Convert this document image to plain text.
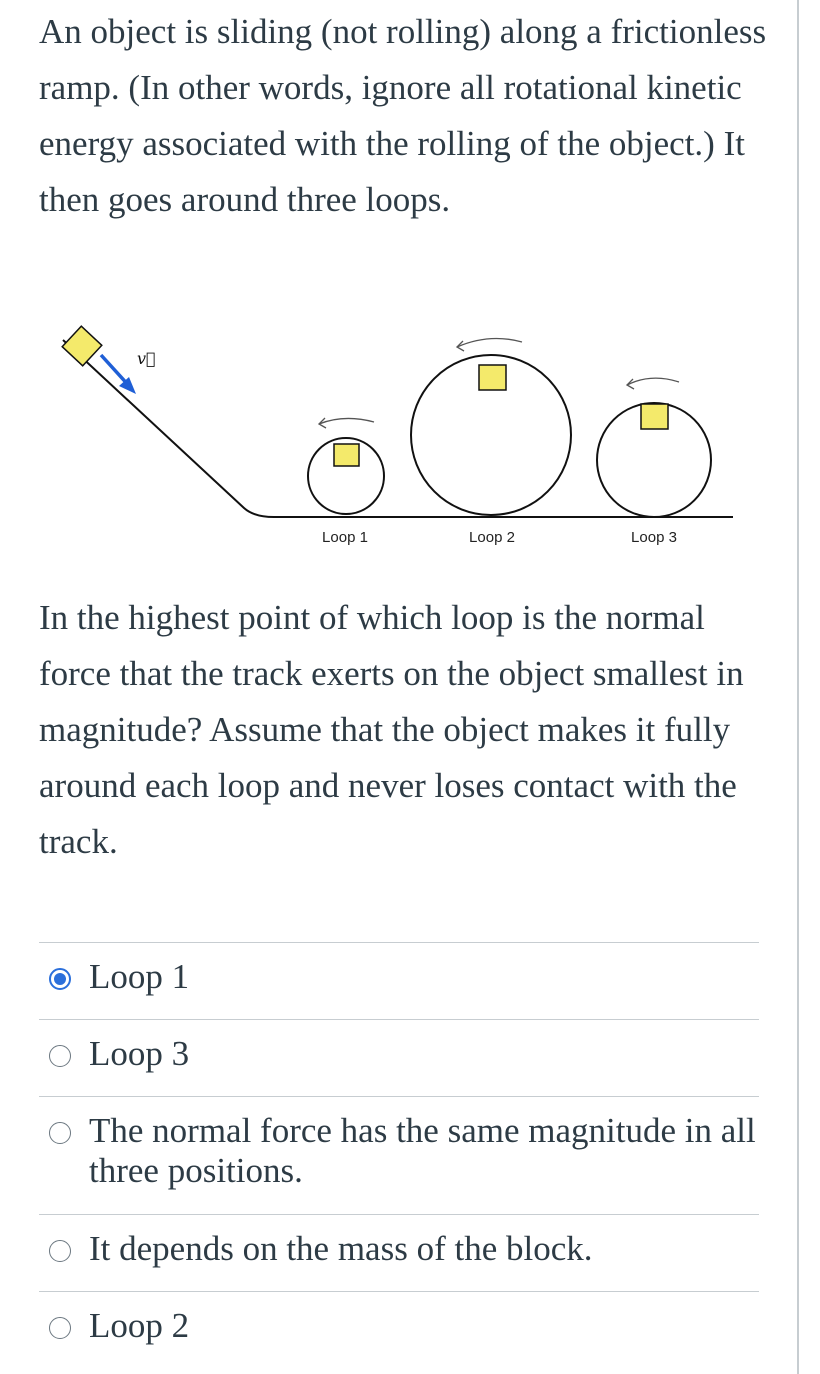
An object is sliding (not rolling) along a frictionless ramp. (In other words, ignore all rotational kinetic energy associated with the rolling of the object.) It then goes around three loops.

v⃗
Loop 1	Loop 2	Loop 3

In the highest point of which loop is the normal force that the track exerts on the object smallest in magnitude? Assume that the object makes it fully around each loop and never loses contact with the track.

Loop 1
Loop 3
The normal force has the same magnitude in all three positions.
It depends on the mass of the block.
Loop 2
